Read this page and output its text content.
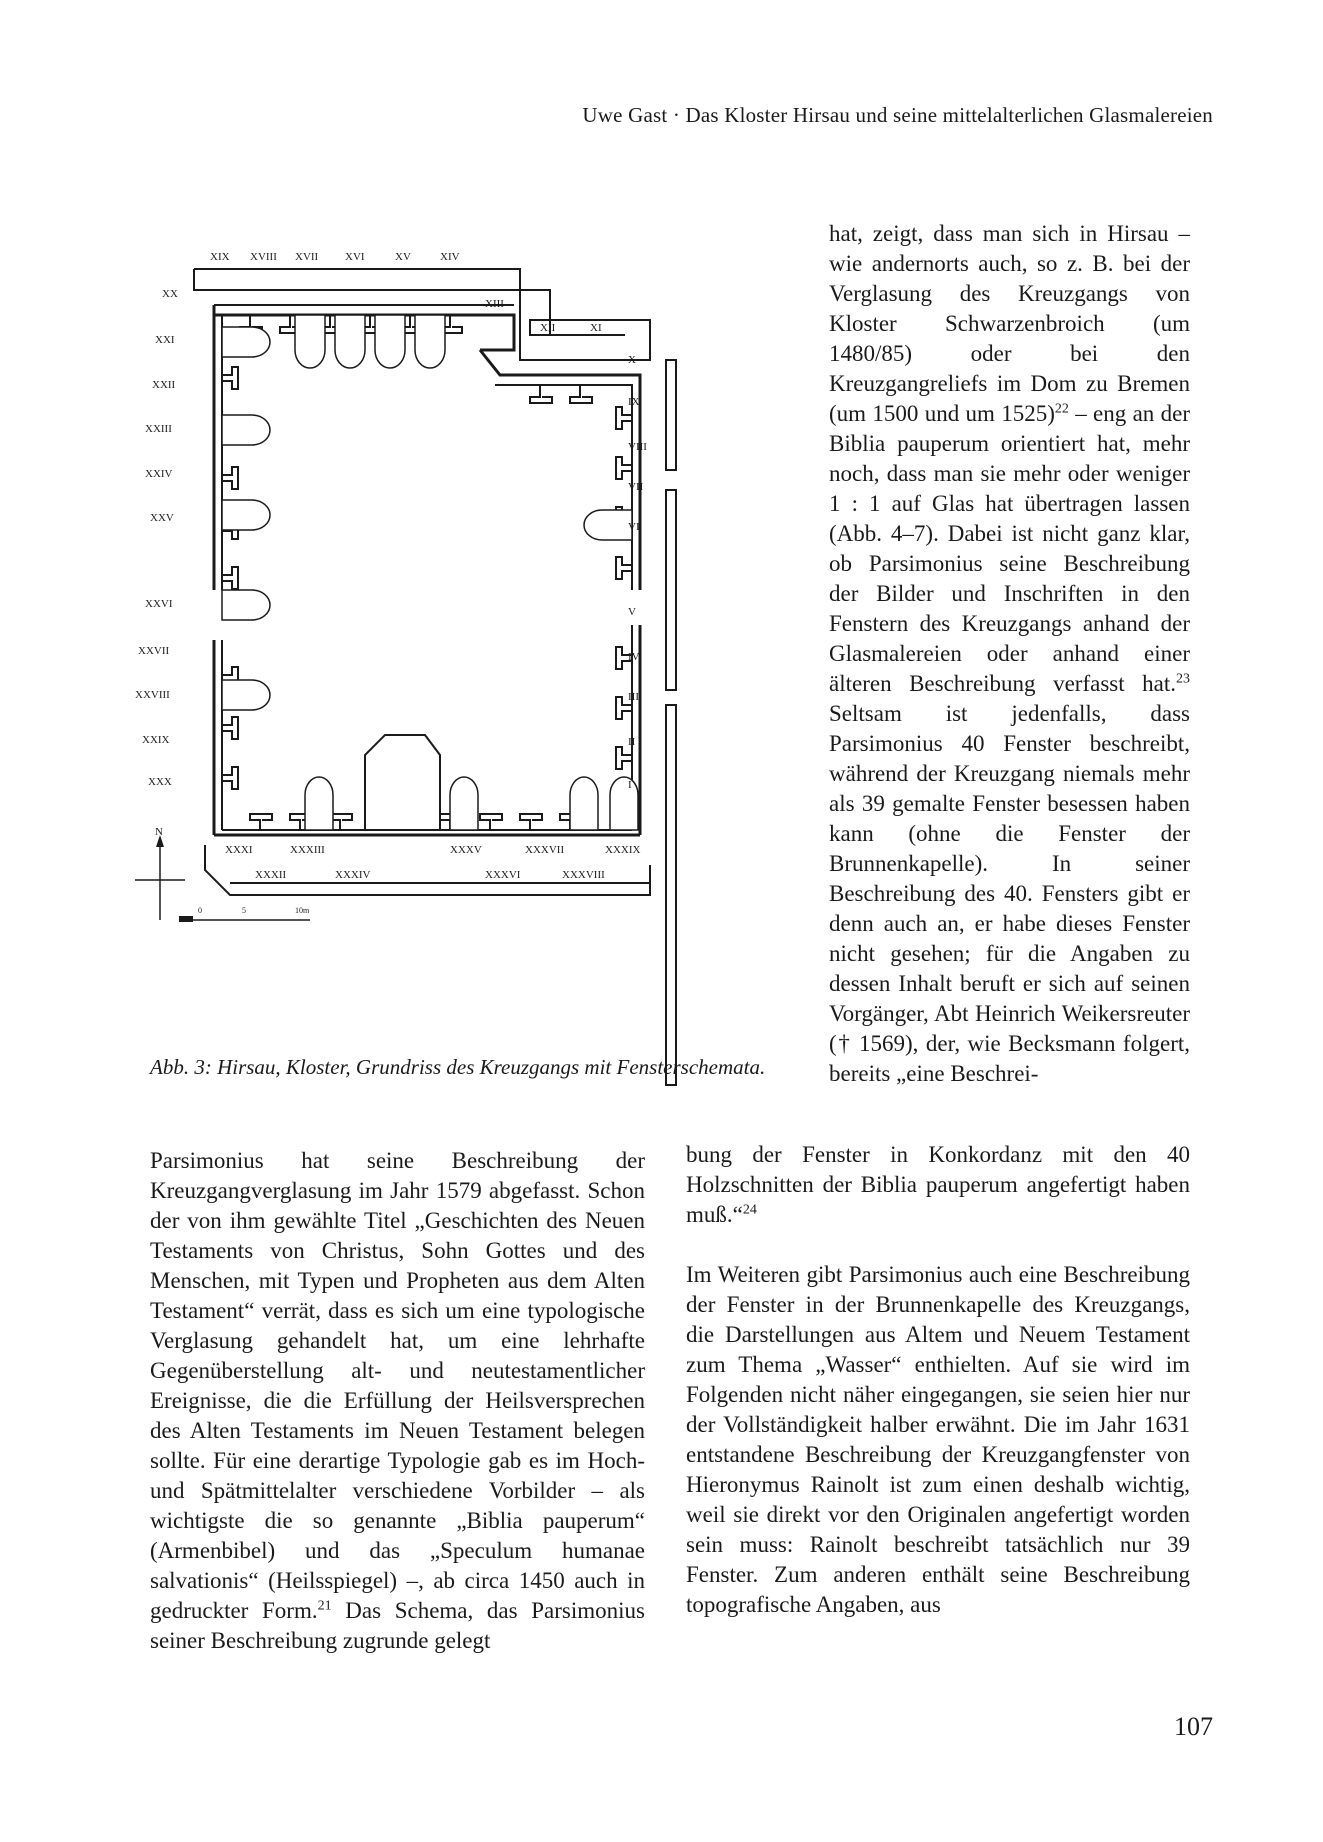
Uwe Gast · Das Kloster Hirsau und seine mittelalterlichen Glasmalereien
XIX XVIII XVII XVI	XV	XIV
XIII
XII	XI
X
IX
VIII
VII
VI
V
IV
III
II
I
XX
XXI
XXII
XXIII
XXIV
XXV
XXVI
XXVII
XXVIII
XXIX
XXX
XXXI
XXXII
XXXIII
XXXIV
XXXV
XXXVI
XXXVII
XXXVIII
XXXIX
N
0	5	10m
Abb. 3: Hirsau, Kloster, Grundriss des Kreuzgangs mit Fensterschemata.

hat, zeigt, dass man sich in Hirsau – wie andernorts auch, so z. B. bei der Verglasung des Kreuzgangs von Kloster Schwarzenbroich (um 1480/85) oder bei den Kreuzgangreliefs im Dom zu Bremen (um 1500 und um 1525)$^{22}$ – eng an der Biblia pauperum orientiert hat, mehr noch, dass man sie mehr oder weniger 1 : 1 auf Glas hat übertragen lassen (Abb. 4–7). Dabei ist nicht ganz klar, ob Parsimonius seine Beschreibung der Bilder und Inschriften in den Fenstern des Kreuzgangs anhand der Glasmalereien oder anhand einer älteren Beschreibung verfasst hat.$^{23}$ Seltsam ist jedenfalls, dass Parsimonius 40 Fenster beschreibt, während der Kreuzgang niemals mehr als 39 gemalte Fenster besessen haben kann (ohne die Fenster der Brunnenkapelle). In seiner Beschreibung des 40. Fensters gibt er denn auch an, er habe dieses Fenster nicht gesehen; für die Angaben zu dessen Inhalt beruft er sich auf seinen Vorgänger, Abt Heinrich Weikersreuter († 1569), der, wie Becksmann folgert, bereits „eine Beschrei-

Parsimonius hat seine Beschreibung der Kreuzgangverglasung im Jahr 1579 abgefasst. Schon der von ihm gewählte Titel „Geschichten des Neuen Testaments von Christus, Sohn Gottes und des Menschen, mit Typen und Propheten aus dem Alten Testament“ verrät, dass es sich um eine typologische Verglasung gehandelt hat, um eine lehrhafte Gegenüberstellung alt- und neutestamentlicher Ereignisse, die die Erfüllung der Heilsversprechen des Alten Testaments im Neuen Testament belegen sollte. Für eine derartige Typologie gab es im Hoch- und Spätmittelalter verschiedene Vorbilder – als wichtigste die so genannte „Biblia pauperum“ (Armenbibel) und das „Speculum humanae salvationis“ (Heilsspiegel) –, ab circa 1450 auch in gedruckter Form.$^{21}$ Das Schema, das Parsimonius seiner Beschreibung zugrunde gelegt

bung der Fenster in Konkordanz mit den 40 Holzschnitten der Biblia pauperum angefertigt haben muß.“$^{24}$

Im Weiteren gibt Parsimonius auch eine Beschreibung der Fenster in der Brunnenkapelle des Kreuzgangs, die Darstellungen aus Altem und Neuem Testament zum Thema „Wasser“ enthielten. Auf sie wird im Folgenden nicht näher eingegangen, sie seien hier nur der Vollständigkeit halber erwähnt. Die im Jahr 1631 entstandene Beschreibung der Kreuzgangfenster von Hieronymus Rainolt ist zum einen deshalb wichtig, weil sie direkt vor den Originalen angefertigt worden sein muss: Rainolt beschreibt tatsächlich nur 39 Fenster. Zum anderen enthält seine Beschreibung topografische Angaben, aus

107
